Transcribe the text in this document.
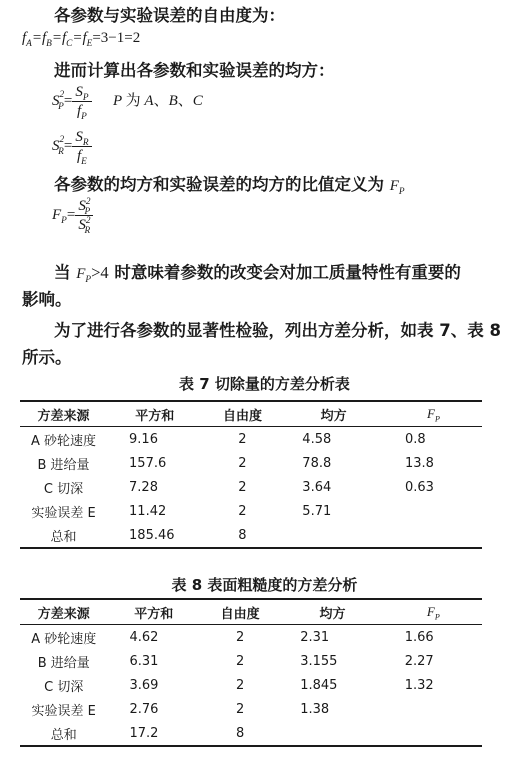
各参数与实验误差的自由度为：
$f_A=f_B=f_C=f_E=3-1=2$
进而计算出各参数和实验误差的均方：
$S^2_P= \frac{S_P}{f_P}$ P 为 A、B、C
$S^2_R= \frac{S_R}{f_E}$
各参数的均方和实验误差的均方的比值定义为 $F_P$
$F_P= \frac{S^2_P}{S^2_R}$
当 $F_P>4$ 时意味着参数的改变会对加工质量特性有重要的
影响。
为了进行各参数的显著性检验，列出方差分析，如表 7、表 8
所示。
表 7 切除量的方差分析表
方差来源	平方和	自由度	均方	$F_P$
A 砂轮速度	9.16	2	4.58	0.8
B 进给量	157.6	2	78.8	13.8
C 切深	7.28	2	3.64	0.63
实验误差 E	11.42	2	5.71	
总和	185.46	8		
表 8 表面粗糙度的方差分析
方差来源	平方和	自由度	均方	$F_P$
A 砂轮速度	4.62	2	2.31	1.66
B 进给量	6.31	2	3.155	2.27
C 切深	3.69	2	1.845	1.32
实验误差 E	2.76	2	1.38	
总和	17.2	8		
